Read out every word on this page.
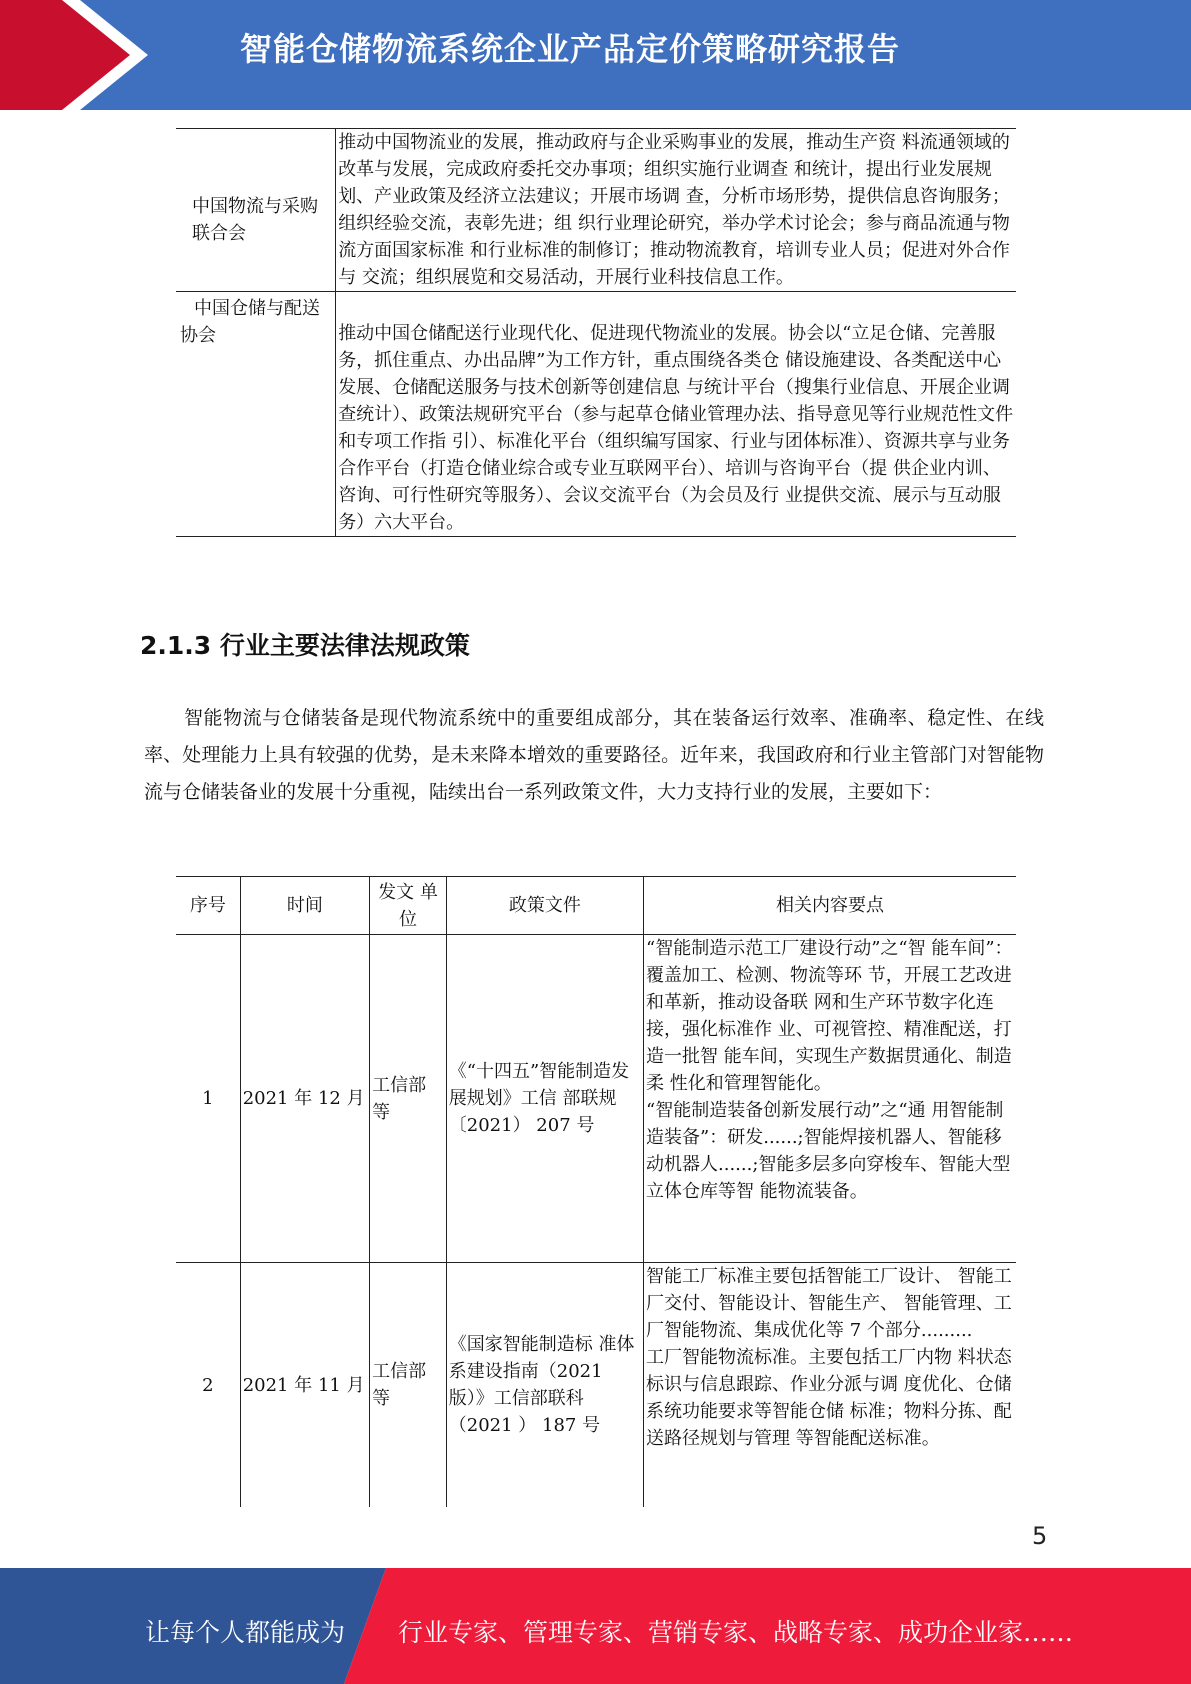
智能仓储物流系统企业产品定价策略研究报告
中国物流与采购联合会	推动中国物流业的发展，推动政府与企业采购事业的发展，推动生产资 料流通领域的改革与发展，完成政府委托交办事项；组织实施行业调查 和统计，提出行业发展规划、产业政策及经济立法建议；开展市场调 查，分析市场形势，提供信息咨询服务；组织经验交流，表彰先进；组 织行业理论研究，举办学术讨论会；参与商品流通与物流方面国家标准 和行业标准的制修订；推动物流教育，培训专业人员；促进对外合作与 交流；组织展览和交易活动，开展行业科技信息工作。

中国仓储与配送协会	推动中国仓储配送行业现代化、促进现代物流业的发展。协会以“立足仓储、完善服务，抓住重点、办出品牌”为工作方针，重点围绕各类仓 储设施建设、各类配送中心发展、仓储配送服务与技术创新等创建信息 与统计平台（搜集行业信息、开展企业调查统计）、政策法规研究平台（参与起草仓储业管理办法、指导意见等行业规范性文件和专项工作指 引）、标准化平台（组织编写国家、行业与团体标准）、资源共享与业务 合作平台（打造仓储业综合或专业互联网平台）、培训与咨询平台（提 供企业内训、咨询、可行性研究等服务）、会议交流平台（为会员及行 业提供交流、展示与互动服务）六大平台。
2.1.3 行业主要法律法规政策
智能物流与仓储装备是现代物流系统中的重要组成部分，其在装备运行效率、准确率、稳定性、在线率、处理能力上具有较强的优势，是未来降本增效的重要路径。近年来，我国政府和行业主管部门对智能物流与仓储装备业的发展十分重视，陆续出台一系列政策文件，大力支持行业的发展，主要如下：
序号	时间	发文 单位	政策文件	相关内容要点
1	2021 年 12 月	工信部等	《“十四五”智能制造发展规划》工信 部联规〔2021） 207 号	“智能制造示范工厂建设行动”之“智 能车间”：覆盖加工、检测、物流等环 节，开展工艺改进和革新，推动设备联 网和生产环节数字化连接，强化标准作 业、可视管控、精准配送，打造一批智 能车间，实现生产数据贯通化、制造柔 性化和管理智能化。
“智能制造装备创新发展行动”之“通 用智能制造装备”：研发......;智能焊接机器人、智能移动机器人......;智能多层多向穿梭车、智能大型立体仓库等智 能物流装备。
2	2021 年 11 月	工信部等	《国家智能制造标 准体系建设指南（2021 版）》工信部联科（2021 ） 187 号	智能工厂标准主要包括智能工厂设计、 智能工厂交付、智能设计、智能生产、 智能管理、工厂智能物流、集成优化等 7 个部分.........
工厂智能物流标准。主要包括工厂内物 料状态标识与信息跟踪、作业分派与调 度优化、仓储系统功能要求等智能仓储 标准；物料分拣、配送路径规划与管理 等智能配送标准。
5
让每个人都能成为 行业专家、管理专家、营销专家、战略专家、成功企业家……
